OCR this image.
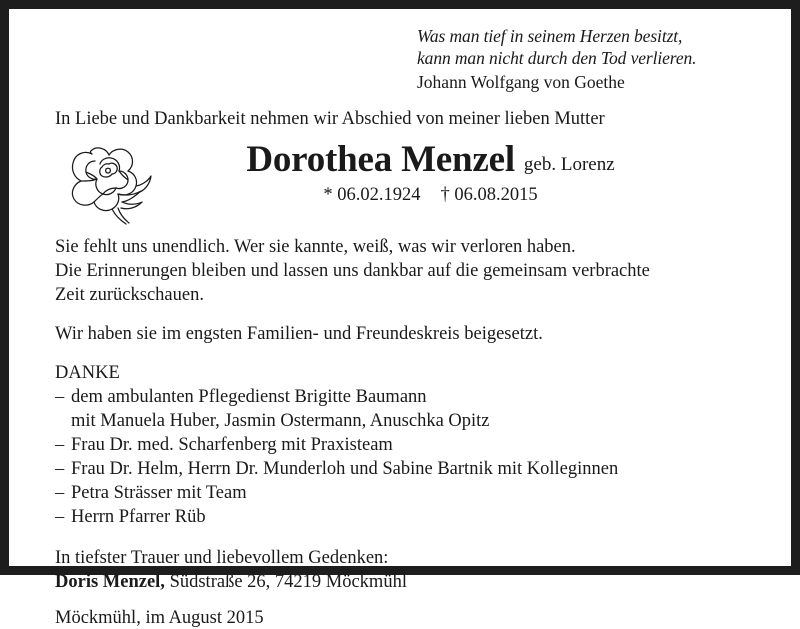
Was man tief in seinem Herzen besitzt,
kann man nicht durch den Tod verlieren.
Johann Wolfgang von Goethe
In Liebe und Dankbarkeit nehmen wir Abschied von meiner lieben Mutter
Dorothea Menzel geb. Lorenz
* 06.02.1924 † 06.08.2015
Sie fehlt uns unendlich. Wer sie kannte, weiß, was wir verloren haben.
Die Erinnerungen bleiben und lassen uns dankbar auf die gemeinsam verbrachte
Zeit zurückschauen.
Wir haben sie im engsten Familien- und Freundeskreis beigesetzt.
DANKE
– dem ambulanten Pflegedienst Brigitte Baumann
mit Manuela Huber, Jasmin Ostermann, Anuschka Opitz
– Frau Dr. med. Scharfenberg mit Praxisteam
– Frau Dr. Helm, Herrn Dr. Munderloh und Sabine Bartnik mit Kolleginnen
– Petra Strässer mit Team
– Herrn Pfarrer Rüb
In tiefster Trauer und liebevollem Gedenken:
Doris Menzel, Südstraße 26, 74219 Möckmühl
Möckmühl, im August 2015
